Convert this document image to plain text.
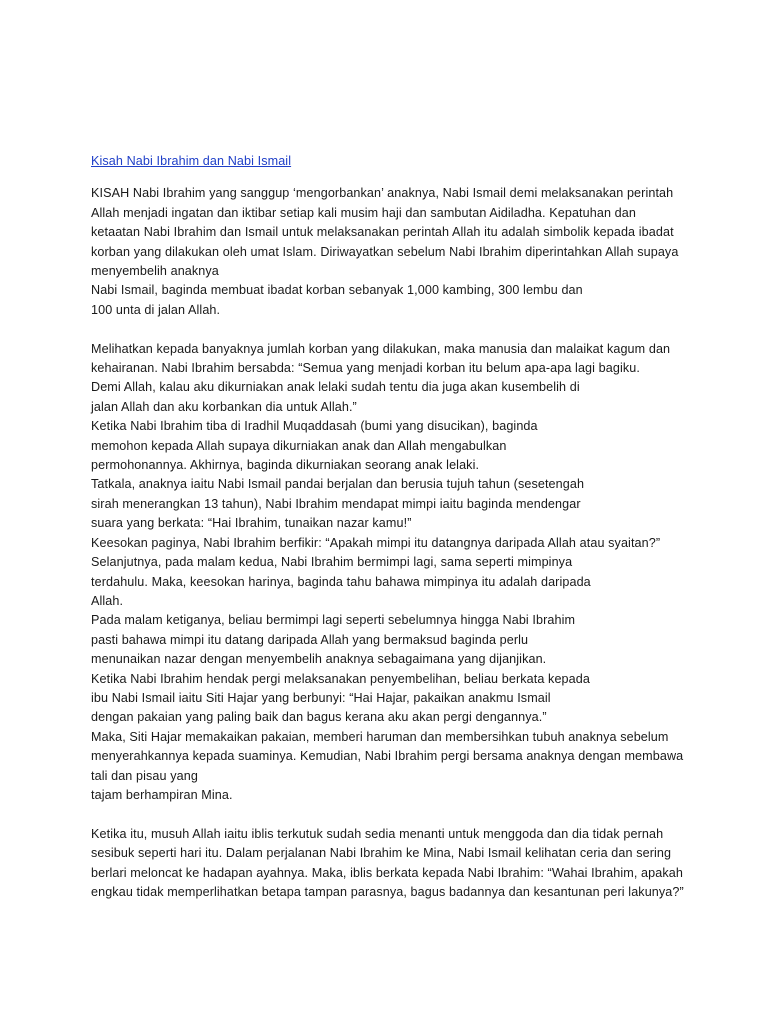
Kisah Nabi Ibrahim dan Nabi Ismail

KISAH Nabi Ibrahim yang sanggup ‘mengorbankan’ anaknya, Nabi Ismail demi melaksanakan perintah
Allah menjadi ingatan dan iktibar setiap kali musim haji dan sambutan Aidiladha. Kepatuhan dan
ketaatan Nabi Ibrahim dan Ismail untuk melaksanakan perintah Allah itu adalah simbolik kepada ibadat
korban yang dilakukan oleh umat Islam. Diriwayatkan sebelum Nabi Ibrahim diperintahkan Allah supaya
menyembelih anaknya
Nabi Ismail, baginda membuat ibadat korban sebanyak 1,000 kambing, 300 lembu dan
100 unta di jalan Allah.

Melihatkan kepada banyaknya jumlah korban yang dilakukan, maka manusia dan malaikat kagum dan
kehairanan. Nabi Ibrahim bersabda: “Semua yang menjadi korban itu belum apa-apa lagi bagiku.
Demi Allah, kalau aku dikurniakan anak lelaki sudah tentu dia juga akan kusembelih di
jalan Allah dan aku korbankan dia untuk Allah.”
Ketika Nabi Ibrahim tiba di Iradhil Muqaddasah (bumi yang disucikan), baginda
memohon kepada Allah supaya dikurniakan anak dan Allah mengabulkan
permohonannya. Akhirnya, baginda dikurniakan seorang anak lelaki.
Tatkala, anaknya iaitu Nabi Ismail pandai berjalan dan berusia tujuh tahun (sesetengah
sirah menerangkan 13 tahun), Nabi Ibrahim mendapat mimpi iaitu baginda mendengar
suara yang berkata: “Hai Ibrahim, tunaikan nazar kamu!”
Keesokan paginya, Nabi Ibrahim berfikir: “Apakah mimpi itu datangnya daripada Allah atau syaitan?”
Selanjutnya, pada malam kedua, Nabi Ibrahim bermimpi lagi, sama seperti mimpinya
terdahulu. Maka, keesokan harinya, baginda tahu bahawa mimpinya itu adalah daripada
Allah.
Pada malam ketiganya, beliau bermimpi lagi seperti sebelumnya hingga Nabi Ibrahim
pasti bahawa mimpi itu datang daripada Allah yang bermaksud baginda perlu
menunaikan nazar dengan menyembelih anaknya sebagaimana yang dijanjikan.
Ketika Nabi Ibrahim hendak pergi melaksanakan penyembelihan, beliau berkata kepada
ibu Nabi Ismail iaitu Siti Hajar yang berbunyi: “Hai Hajar, pakaikan anakmu Ismail
dengan pakaian yang paling baik dan bagus kerana aku akan pergi dengannya.”
Maka, Siti Hajar memakaikan pakaian, memberi haruman dan membersihkan tubuh anaknya sebelum
menyerahkannya kepada suaminya. Kemudian, Nabi Ibrahim pergi bersama anaknya dengan membawa
tali dan pisau yang
tajam berhampiran Mina.

Ketika itu, musuh Allah iaitu iblis terkutuk sudah sedia menanti untuk menggoda dan dia tidak pernah
sesibuk seperti hari itu. Dalam perjalanan Nabi Ibrahim ke Mina, Nabi Ismail kelihatan ceria dan sering
berlari meloncat ke hadapan ayahnya. Maka, iblis berkata kepada Nabi Ibrahim: “Wahai Ibrahim, apakah
engkau tidak memperlihatkan betapa tampan parasnya, bagus badannya dan kesantunan peri lakunya?”
